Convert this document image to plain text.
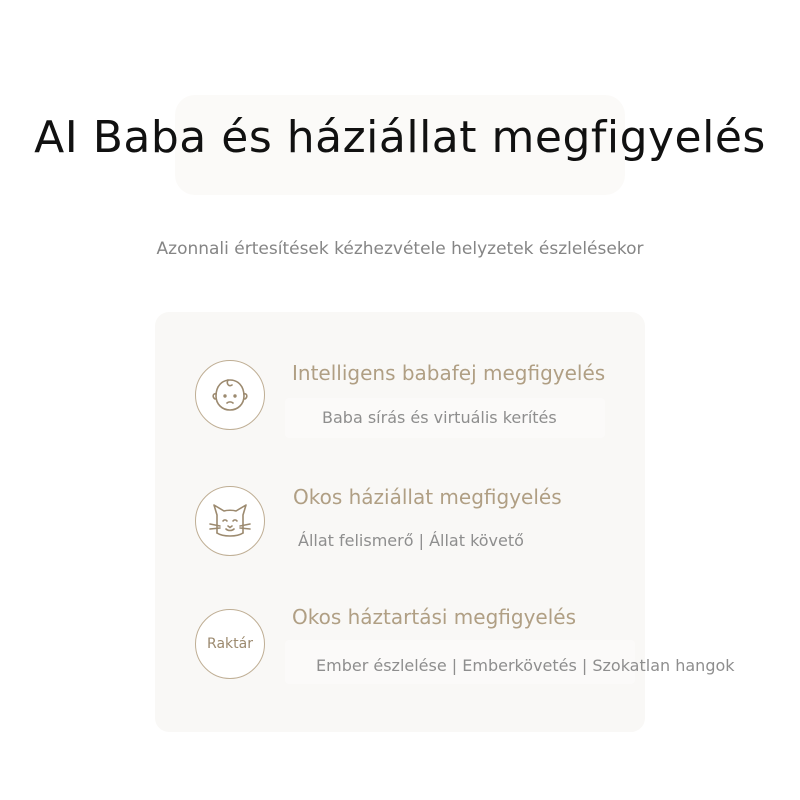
AI Baba és háziállat megfigyelés

Azonnali értesítések kézhezvétele helyzetek észlelésekor

Intelligens babafej megfigyelés
Baba sírás és virtuális kerítés
Okos háziállat megfigyelés
Állat felismerő | Állat követő
Raktár
Okos háztartási megfigyelés
Ember észlelése | Emberkövetés | Szokatlan hangok
